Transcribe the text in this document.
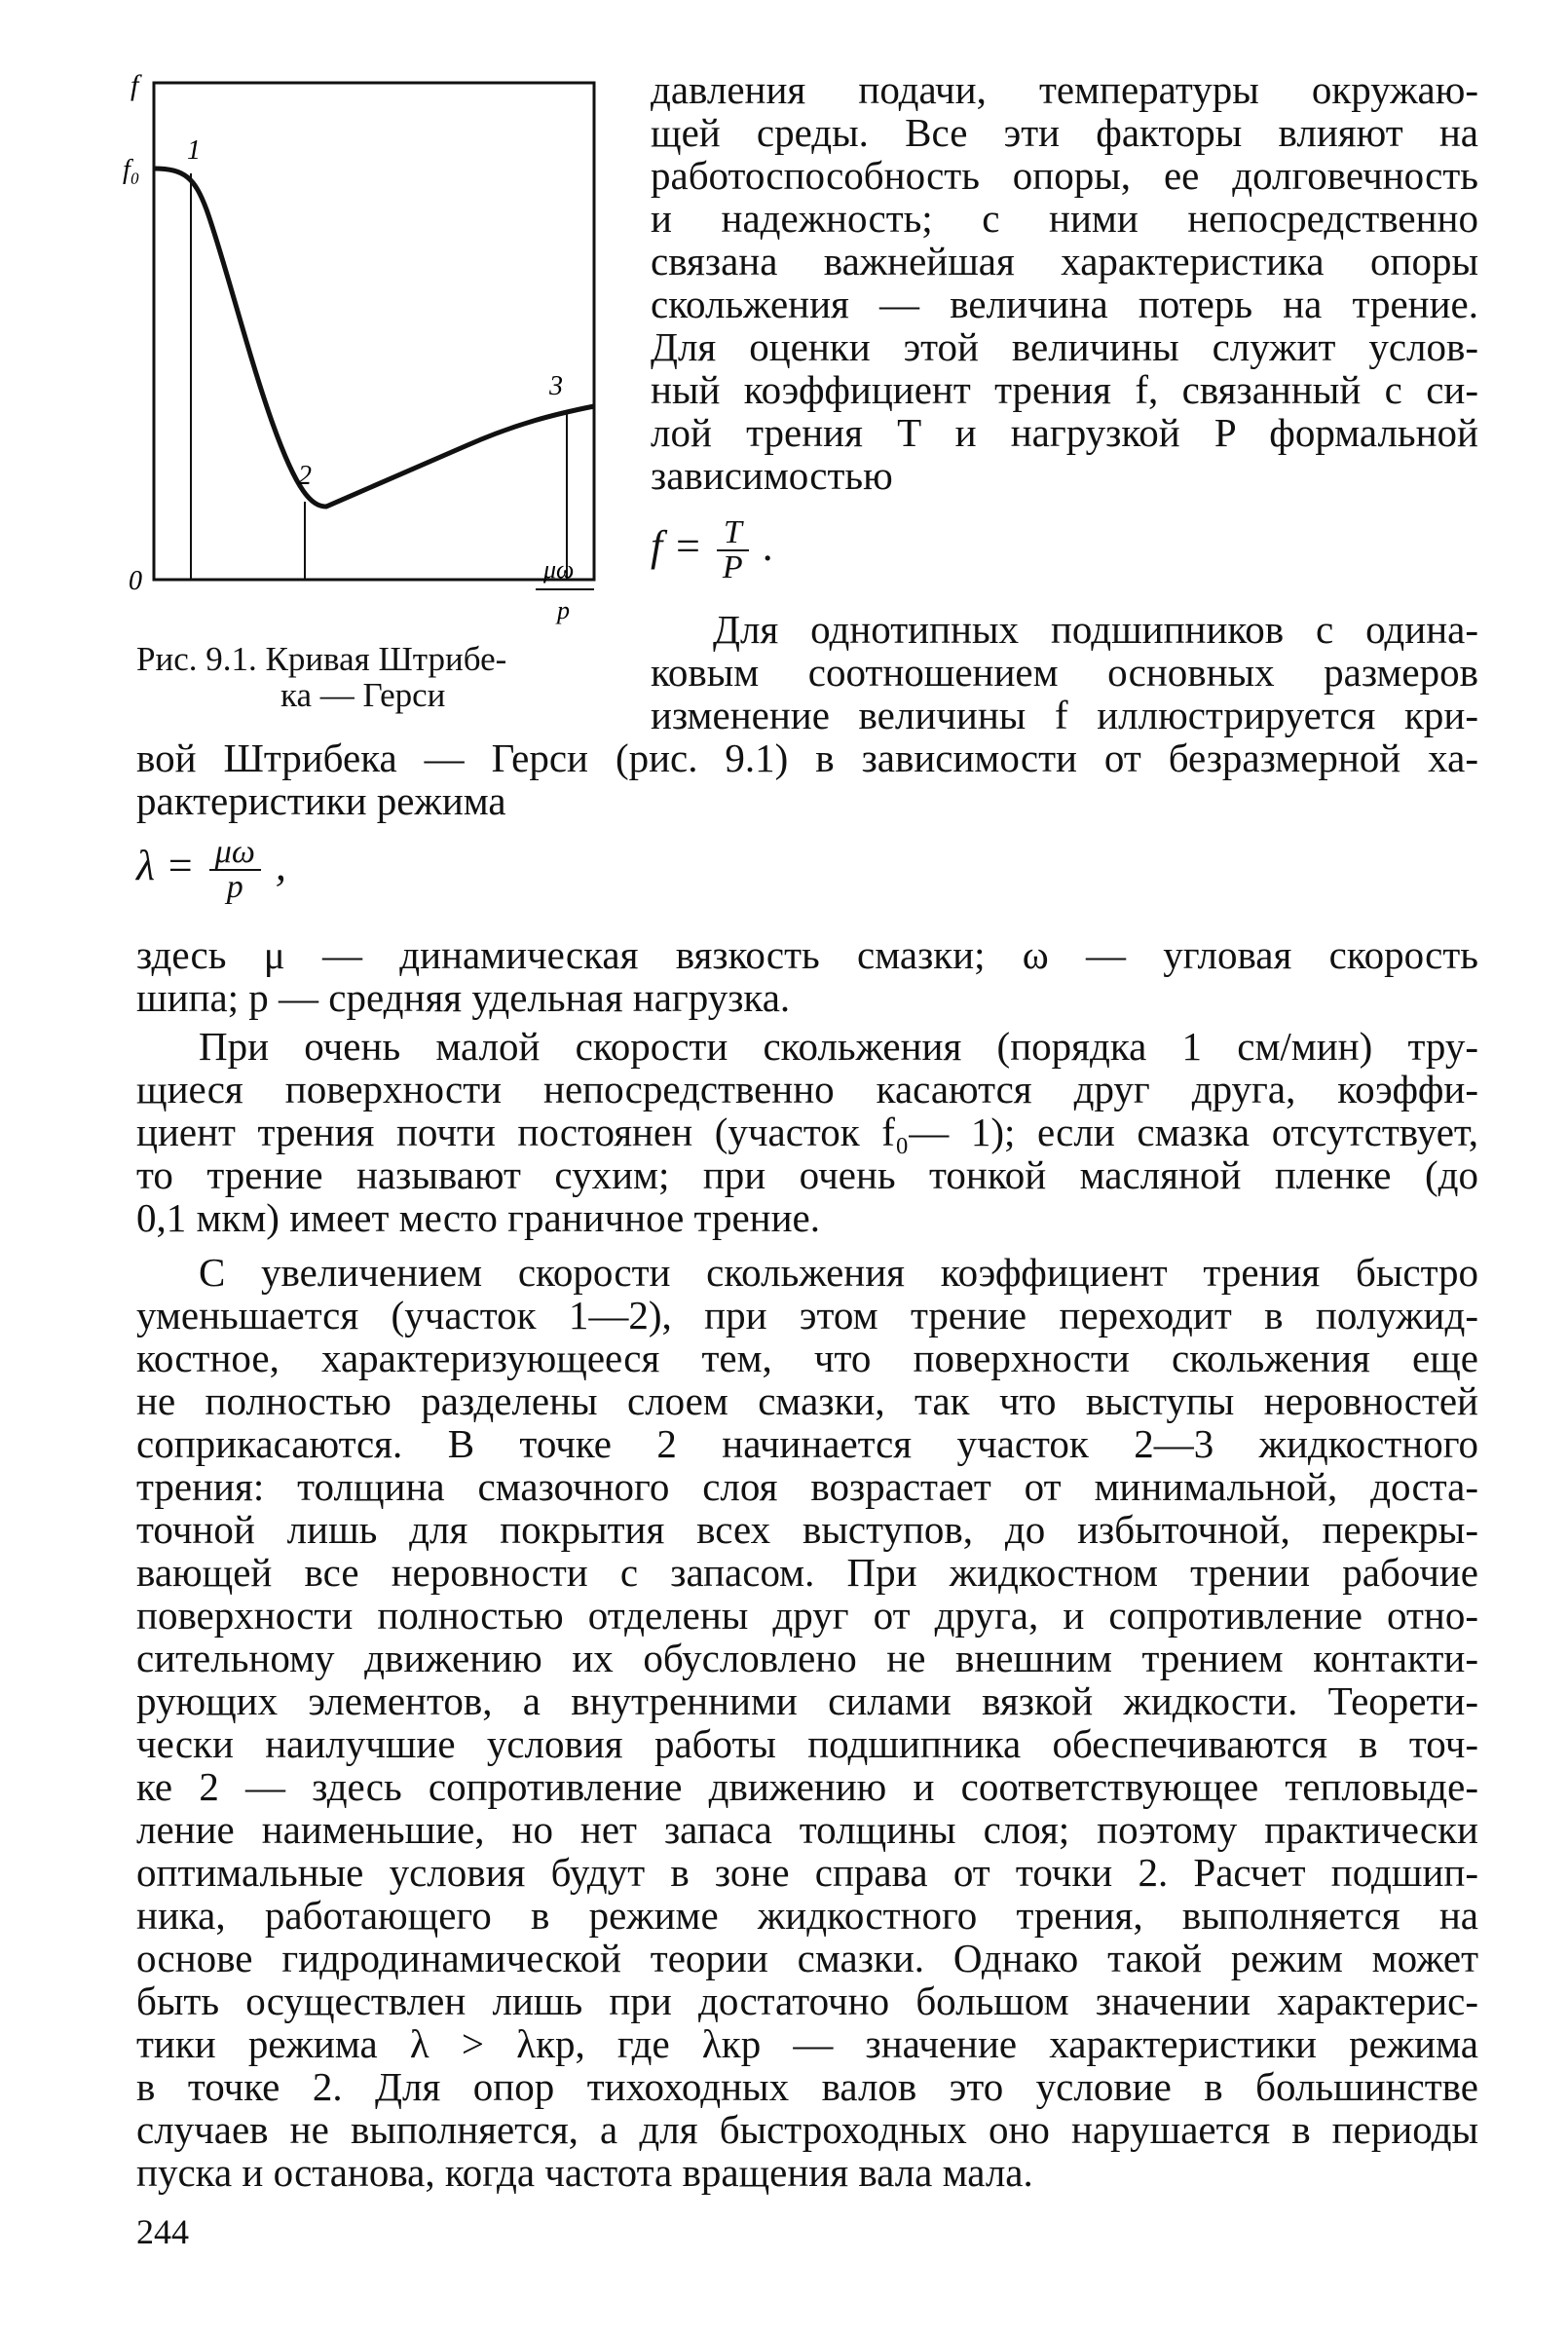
f
f₀
0
1
2
3
μω
p
Рис. 9.1. Кривая Штрибе-
ка — Герси
давления подачи, температуры окружаю-
щей среды. Все эти факторы влияют на
работоспособность опоры, ее долговечность
и надежность; с ними непосредственно
связана важнейшая характеристика опоры
скольжения — величина потерь на трение.
Для оценки этой величины служит услов-
ный коэффициент трения f, связанный с си-
лой трения T и нагрузкой P формальной
зависимостью
$f = \frac{T}{P}$ .
Для однотипных подшипников с одина-
ковым соотношением основных размеров
изменение величины f иллюстрируется кри-
вой Штрибека — Герси (рис. 9.1) в зависимости от безразмерной ха-
рактеристики режима
$\lambda = \frac{\mu\omega}{p}$ ,
здесь μ — динамическая вязкость смазки; ω — угловая скорость
шипа; p — средняя удельная нагрузка.
При очень малой скорости скольжения (порядка 1 см/мин) тру-
щиеся поверхности непосредственно касаются друг друга, коэффи-
циент трения почти постоянен (участок f₀— 1); если смазка отсутствует,
то трение называют сухим; при очень тонкой масляной пленке (до
0,1 мкм) имеет место граничное трение.
С увеличением скорости скольжения коэффициент трения быстро
уменьшается (участок 1—2), при этом трение переходит в полужид-
костное, характеризующееся тем, что поверхности скольжения еще
не полностью разделены слоем смазки, так что выступы неровностей
соприкасаются. В точке 2 начинается участок 2—3 жидкостного
трения: толщина смазочного слоя возрастает от минимальной, доста-
точной лишь для покрытия всех выступов, до избыточной, перекры-
вающей все неровности с запасом. При жидкостном трении рабочие
поверхности полностью отделены друг от друга, и сопротивление отно-
сительному движению их обусловлено не внешним трением контакти-
рующих элементов, а внутренними силами вязкой жидкости. Теорети-
чески наилучшие условия работы подшипника обеспечиваются в точ-
ке 2 — здесь сопротивление движению и соответствующее тепловыде-
ление наименьшие, но нет запаса толщины слоя; поэтому практически
оптимальные условия будут в зоне справа от точки 2. Расчет подшип-
ника, работающего в режиме жидкостного трения, выполняется на
основе гидродинамической теории смазки. Однако такой режим может
быть осуществлен лишь при достаточно большом значении характерис-
тики режима λ > λкр, где λкр — значение характеристики режима
в точке 2. Для опор тихоходных валов это условие в большинстве
случаев не выполняется, а для быстроходных оно нарушается в периоды
пуска и останова, когда частота вращения вала мала.
244
